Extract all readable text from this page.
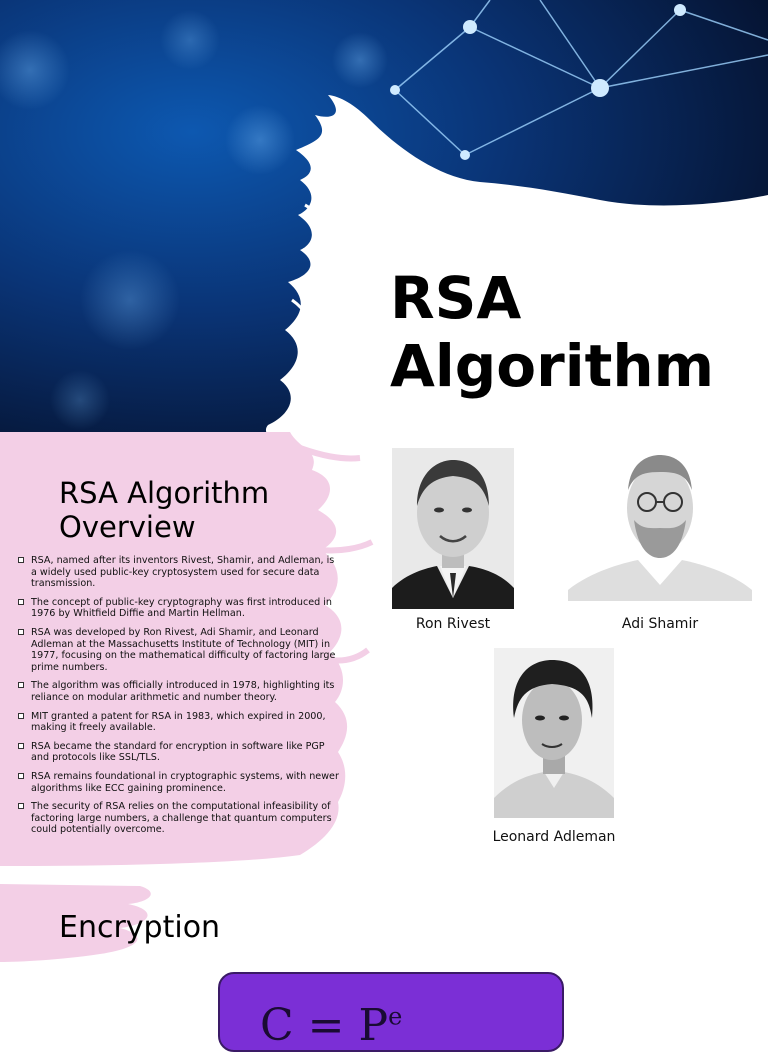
RSA
Algorithm
RSA Algorithm
Overview
RSA, named after its inventors Rivest, Shamir, and Adleman, is a widely used public-key cryptosystem used for secure data transmission.
The concept of public-key cryptography was first introduced in 1976 by Whitfield Diffie and Martin Hellman.
RSA was developed by Ron Rivest, Adi Shamir, and Leonard Adleman at the Massachusetts Institute of Technology (MIT) in 1977, focusing on the mathematical difficulty of factoring large prime numbers.
The algorithm was officially introduced in 1978, highlighting its reliance on modular arithmetic and number theory.
MIT granted a patent for RSA in 1983, which expired in 2000, making it freely available.
RSA became the standard for encryption in software like PGP and protocols like SSL/TLS.
RSA remains foundational in cryptographic systems, with newer algorithms like ECC gaining prominence.
The security of RSA relies on the computational infeasibility of factoring large numbers, a challenge that quantum computers could potentially overcome.
Ron Rivest	Adi Shamir
Leonard Adleman
Encryption
$C = P^e$
